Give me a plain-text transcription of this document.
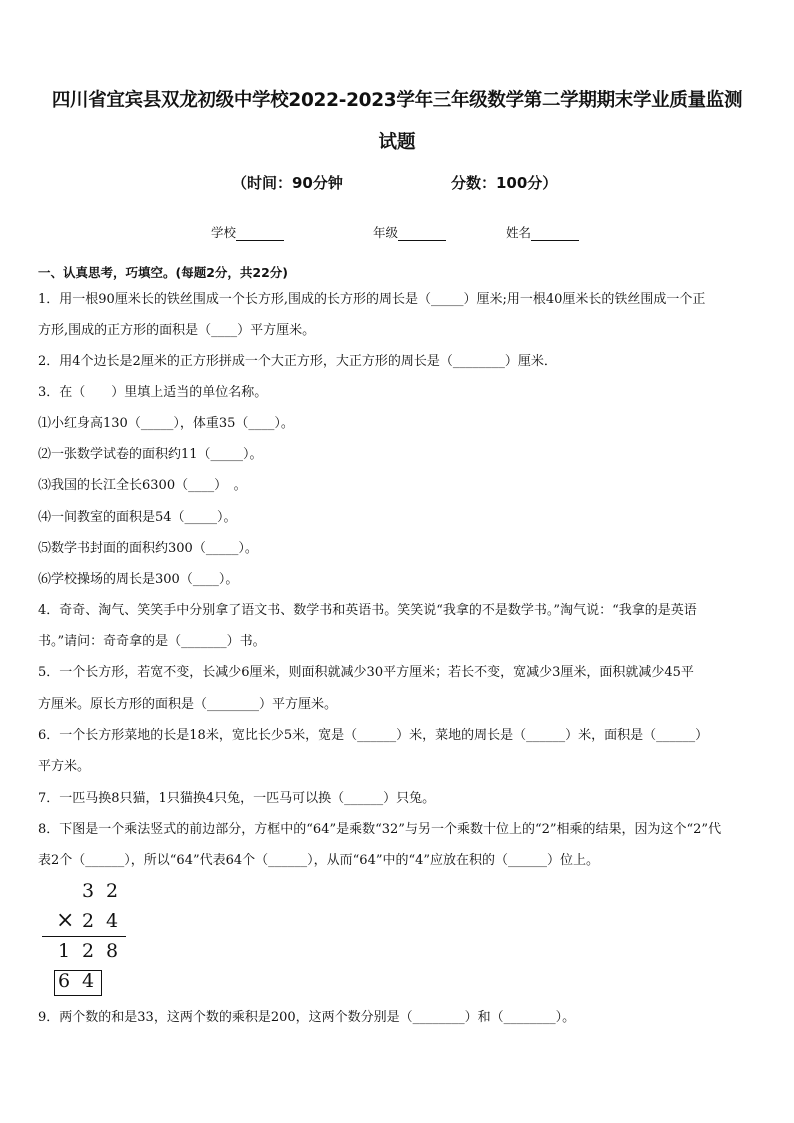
四川省宜宾县双龙初级中学校2022-2023学年三年级数学第二学期期末学业质量监测
试题
（时间：90分钟	分数：100分）
学校	年级	姓名
一、认真思考，巧填空。(每题2分，共22分)
1．用一根90厘米长的铁丝围成一个长方形,围成的长方形的周长是（_____）厘米;用一根40厘米长的铁丝围成一个正
方形,围成的正方形的面积是（____）平方厘米。
2．用4个边长是2厘米的正方形拼成一个大正方形，大正方形的周长是（________）厘米．
3．在（　　）里填上适当的单位名称。
⑴小红身高130（_____），体重35（____）。
⑵一张数学试卷的面积约11（_____）。
⑶我国的长江全长6300（____）　。
⑷一间教室的面积是54（_____）。
⑸数学书封面的面积约300（_____）。
⑹学校操场的周长是300（____）。
4．奇奇、淘气、笑笑手中分别拿了语文书、数学书和英语书。笑笑说“我拿的不是数学书。”淘气说：“我拿的是英语
书。”请问：奇奇拿的是（_______）书。
5．一个长方形，若宽不变，长减少6厘米，则面积就减少30平方厘米；若长不变，宽减少3厘米，面积就减少45平
方厘米。原长方形的面积是（________）平方厘米。
6．一个长方形菜地的长是18米，宽比长少5米，宽是（______）米，菜地的周长是（______）米，面积是（______）
平方米。
7．一匹马换8只猫，1只猫换4只兔，一匹马可以换（______）只兔。
8．下图是一个乘法竖式的前边部分，方框中的“64”是乘数“32”与另一个乘数十位上的“2”相乘的结果，因为这个“2”代
表2个（______），所以“64”代表64个（______），从而“64”中的“4”应放在积的（______）位上。
3 2
× 2 4
1 2 8
6 4
9．两个数的和是33，这两个数的乘积是200，这两个数分别是（________）和（________）。
